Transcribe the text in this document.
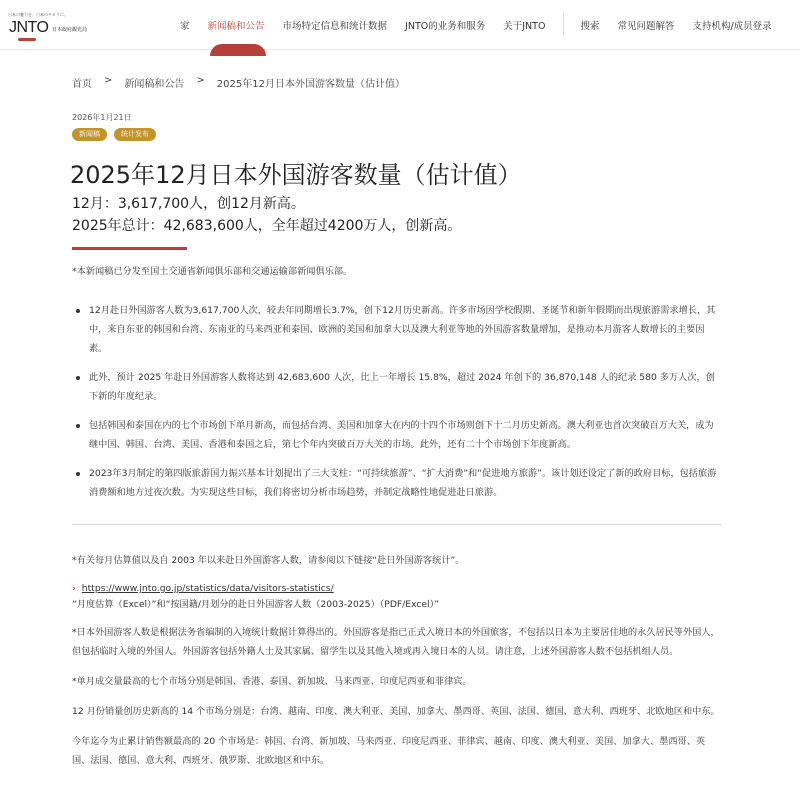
日本の魅力を、日本のチカラに。
JNTO 日本政府観光局	家 新闻稿和公告 市场特定信息和统计数据 JNTO的业务和服务 关于JNTO	搜索 常见问题解答 支持机构/成员登录
首页 > 新闻稿和公告 > 2025年12月日本外国游客数量（估计值）
2026年1月21日
新闻稿	统计发布
2025年12月日本外国游客数量（估计值）
12月：3,617,700人，创12月新高。
2025年总计：42,683,600人，全年超过4200万人，创新高。

*本新闻稿已分发至国土交通省新闻俱乐部和交通运输部新闻俱乐部。

12月赴日外国游客人数为3,617,700人次，较去年同期增长3.7%，创下12月历史新高。许多市场因学校假期、圣诞节和新年假期而出现旅游需求增长，其中，来自东亚的韩国和台湾、东南亚的马来西亚和泰国、欧洲的美国和加拿大以及澳大利亚等地的外国游客数量增加，是推动本月游客人数增长的主要因素。
此外，预计 2025 年赴日外国游客人数将达到 42,683,600 人次，比上一年增长 15.8%，超过 2024 年创下的 36,870,148 人的纪录 580 多万人次，创下新的年度纪录。
包括韩国和泰国在内的七个市场创下单月新高，而包括台湾、美国和加拿大在内的十四个市场则创下十二月历史新高。澳大利亚也首次突破百万大关，成为继中国、韩国、台湾、美国、香港和泰国之后，第七个年内突破百万大关的市场。此外，还有二十个市场创下年度新高。
2023年3月制定的第四版旅游国力振兴基本计划提出了三大支柱：“可持续旅游”、“扩大消费”和“促进地方旅游”。该计划还设定了新的政府目标，包括旅游消费额和地方过夜次数。为实现这些目标，我们将密切分析市场趋势，并制定战略性地促进赴日旅游。

*有关每月估算值以及自 2003 年以来赴日外国游客人数，请参阅以下链接“赴日外国游客统计”。

› https://www.jnto.go.jp/statistics/data/visitors-statistics/
“月度估算（Excel）”和“按国籍/月划分的赴日外国游客人数（2003-2025）（PDF/Excel）”

*日本外国游客人数是根据法务省编制的入境统计数据计算得出的。外国游客是指已正式入境日本的外国旅客，不包括以日本为主要居住地的永久居民等外国人，但包括临时入境的外国人。外国游客包括外籍人士及其家属、留学生以及其他入境或再入境日本的人员。请注意，上述外国游客人数不包括机组人员。

*单月成交量最高的七个市场分别是韩国、香港、泰国、新加坡、马来西亚、印度尼西亚和菲律宾。

12 月份销量创历史新高的 14 个市场分别是：台湾、越南、印度、澳大利亚、美国、加拿大、墨西哥、英国、法国、德国、意大利、西班牙、北欧地区和中东。

今年迄今为止累计销售额最高的 20 个市场是：韩国、台湾、新加坡、马来西亚、印度尼西亚、菲律宾、越南、印度、澳大利亚、美国、加拿大、墨西哥、英国、法国、德国、意大利、西班牙、俄罗斯、北欧地区和中东。
